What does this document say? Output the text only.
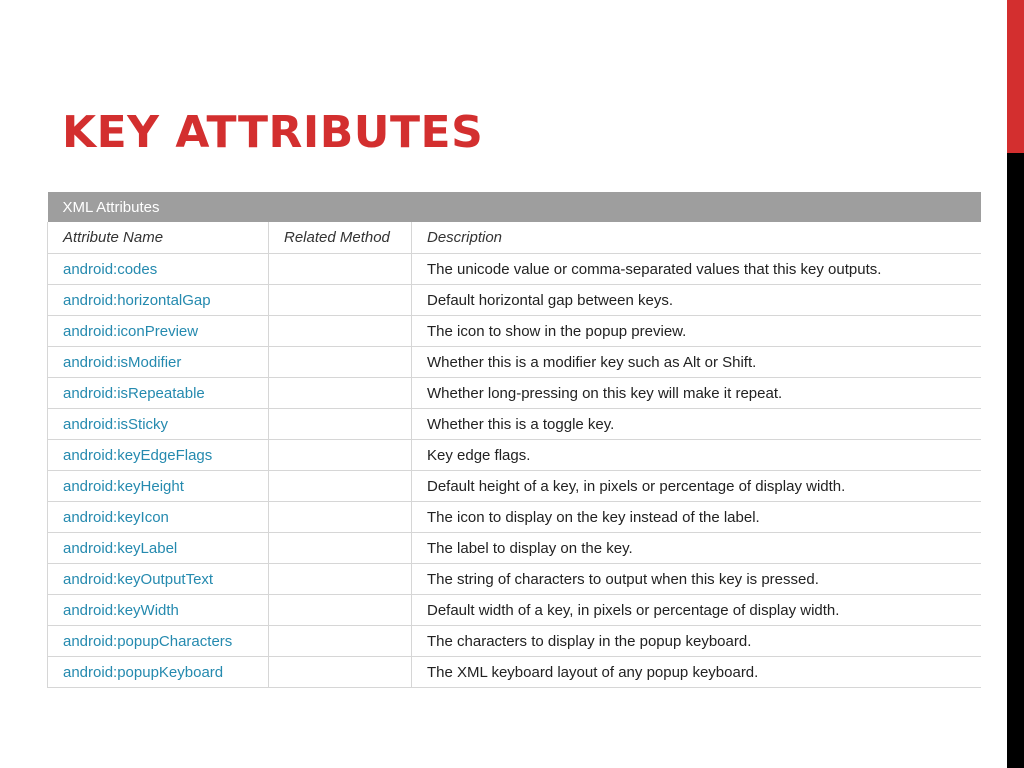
KEY ATTRIBUTES
XML Attributes		
Attribute Name	Related Method	Description
android:codes		The unicode value or comma-separated values that this key outputs.
android:horizontalGap		Default horizontal gap between keys.
android:iconPreview		The icon to show in the popup preview.
android:isModifier		Whether this is a modifier key such as Alt or Shift.
android:isRepeatable		Whether long-pressing on this key will make it repeat.
android:isSticky		Whether this is a toggle key.
android:keyEdgeFlags		Key edge flags.
android:keyHeight		Default height of a key, in pixels or percentage of display width.
android:keyIcon		The icon to display on the key instead of the label.
android:keyLabel		The label to display on the key.
android:keyOutputText		The string of characters to output when this key is pressed.
android:keyWidth		Default width of a key, in pixels or percentage of display width.
android:popupCharacters		The characters to display in the popup keyboard.
android:popupKeyboard		The XML keyboard layout of any popup keyboard.
